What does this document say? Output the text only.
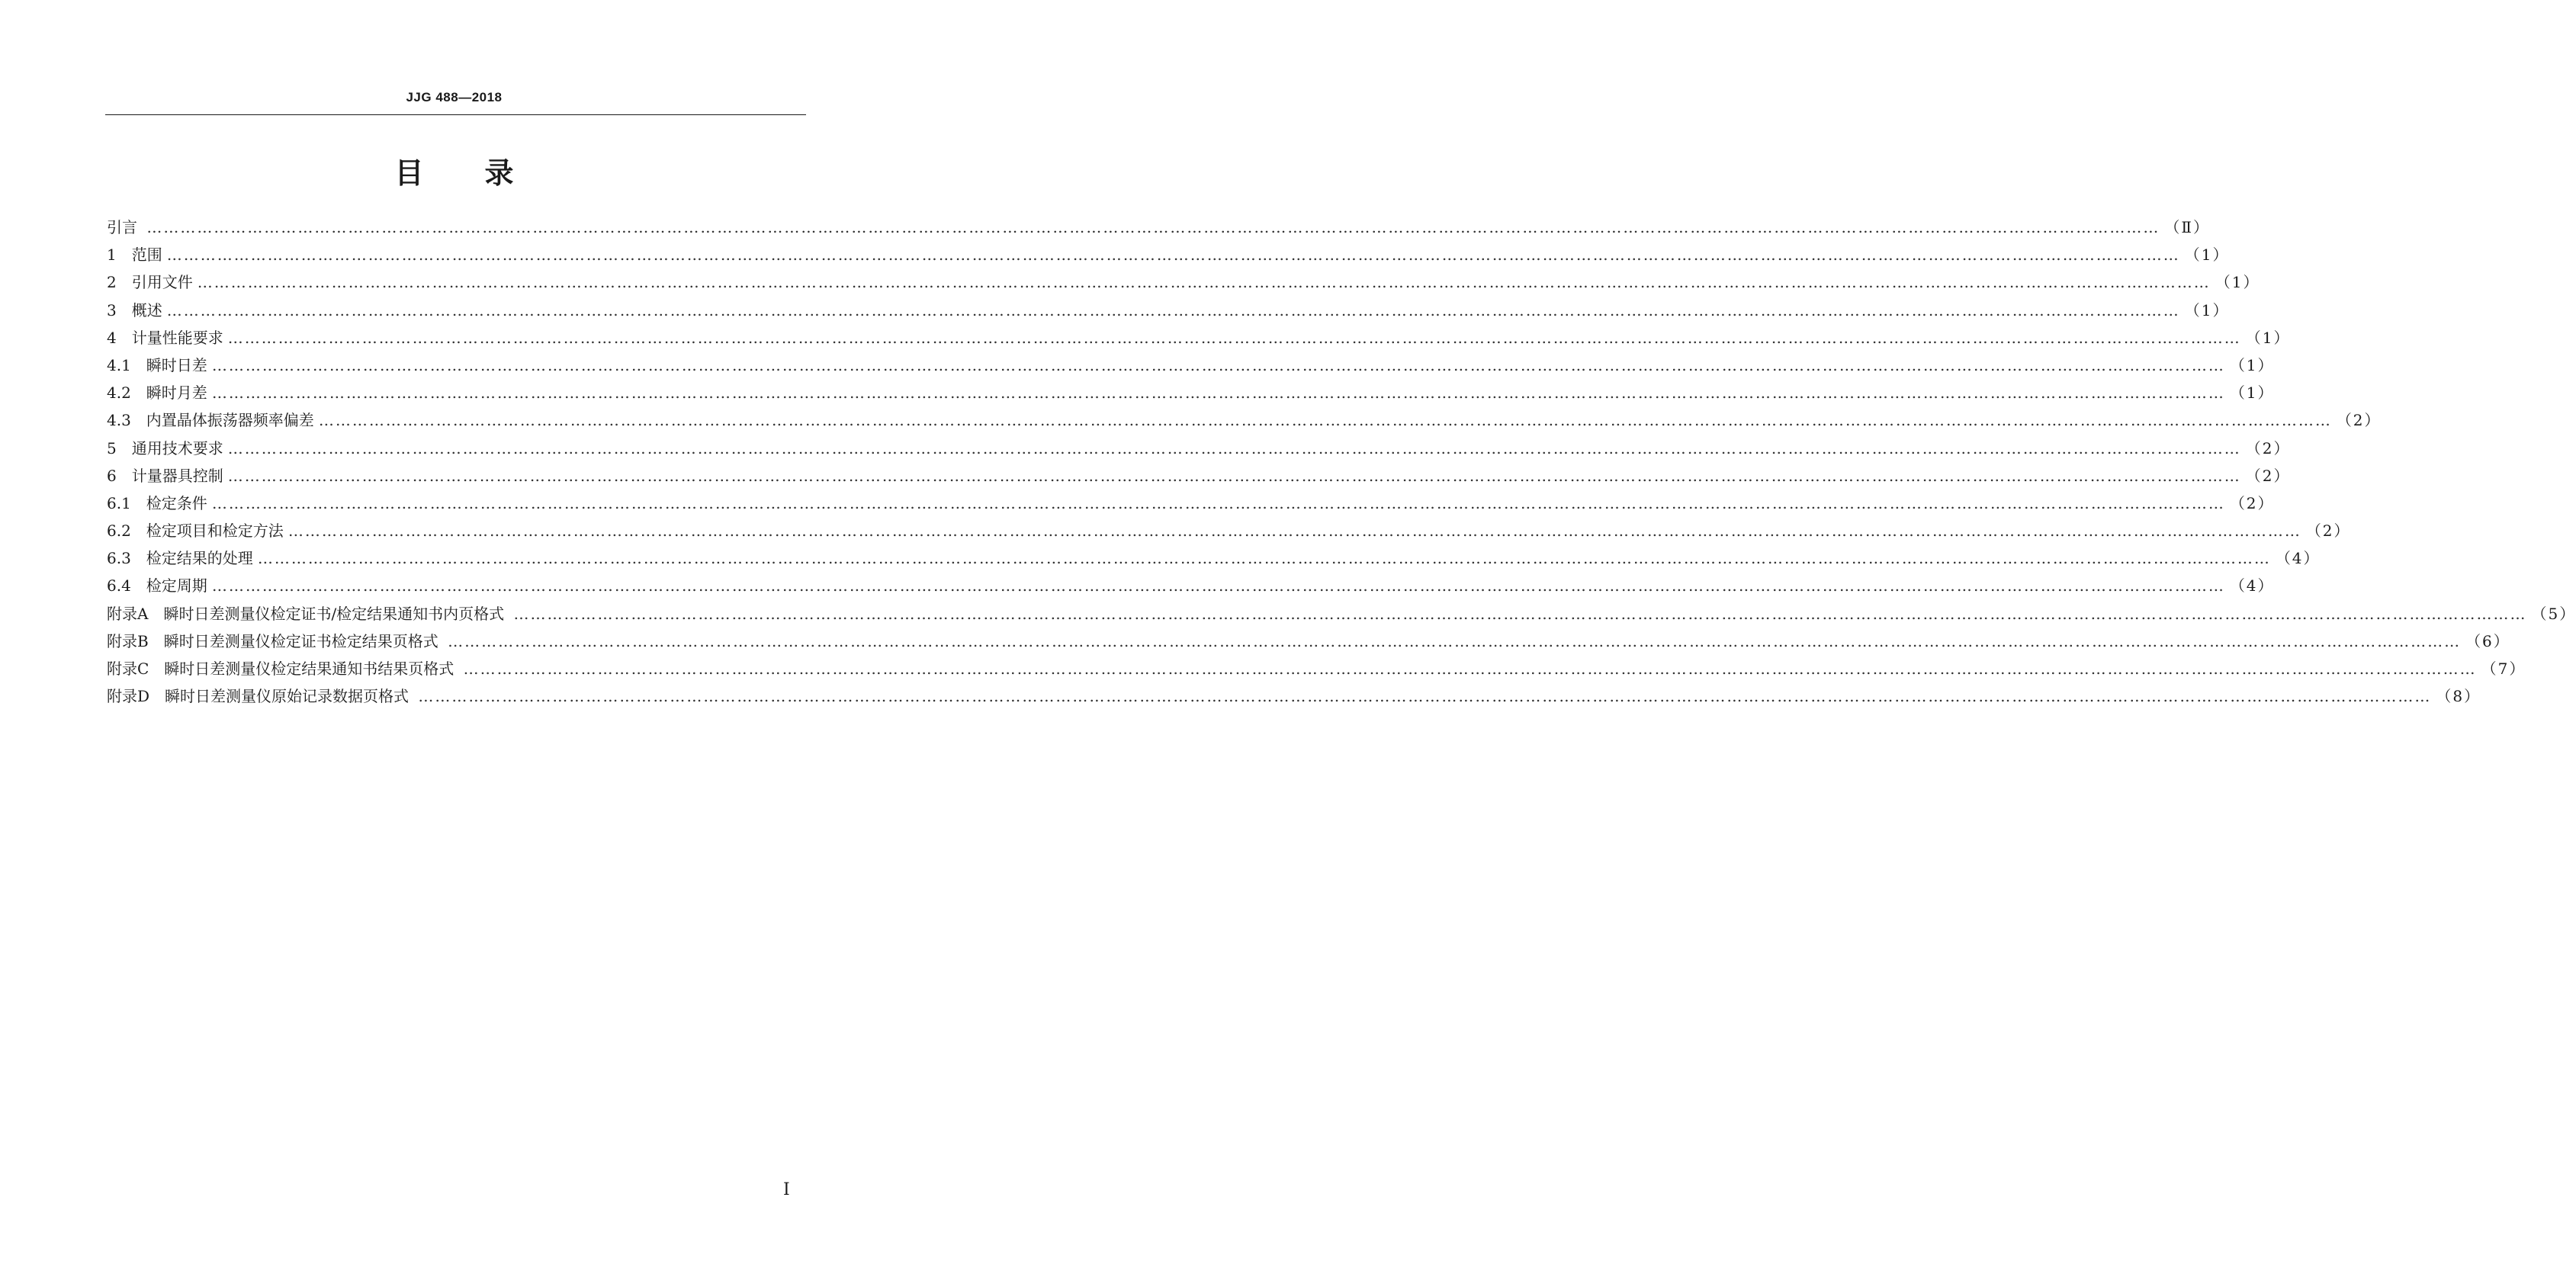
JJG 488—2018
目录
引言 ……………………………………………………………………………………………………………………………………………………………………………………………………………………………………………………………………………………………………………………………… （Ⅱ）
1　范围 ……………………………………………………………………………………………………………………………………………………………………………………………………………………………………………………………………………………………………………………………… （1）
2　引用文件 ……………………………………………………………………………………………………………………………………………………………………………………………………………………………………………………………………………………………………………………………… （1）
3　概述 ……………………………………………………………………………………………………………………………………………………………………………………………………………………………………………………………………………………………………………………………… （1）
4　计量性能要求 ……………………………………………………………………………………………………………………………………………………………………………………………………………………………………………………………………………………………………………………………… （1）
4.1　瞬时日差 ……………………………………………………………………………………………………………………………………………………………………………………………………………………………………………………………………………………………………………………………… （1）
4.2　瞬时月差 ……………………………………………………………………………………………………………………………………………………………………………………………………………………………………………………………………………………………………………………………… （1）
4.3　内置晶体振荡器频率偏差 ……………………………………………………………………………………………………………………………………………………………………………………………………………………………………………………………………………………………………………………………… （2）
5　通用技术要求 ……………………………………………………………………………………………………………………………………………………………………………………………………………………………………………………………………………………………………………………………… （2）
6　计量器具控制 ……………………………………………………………………………………………………………………………………………………………………………………………………………………………………………………………………………………………………………………………… （2）
6.1　检定条件 ……………………………………………………………………………………………………………………………………………………………………………………………………………………………………………………………………………………………………………………………… （2）
6.2　检定项目和检定方法 ……………………………………………………………………………………………………………………………………………………………………………………………………………………………………………………………………………………………………………………………… （2）
6.3　检定结果的处理 ……………………………………………………………………………………………………………………………………………………………………………………………………………………………………………………………………………………………………………………………… （4）
6.4　检定周期 ……………………………………………………………………………………………………………………………………………………………………………………………………………………………………………………………………………………………………………………………… （4）
附录A　瞬时日差测量仪检定证书/检定结果通知书内页格式 ……………………………………………………………………………………………………………………………………………………………………………………………………………………………………………………………………………………………………………………………… （5）
附录B　瞬时日差测量仪检定证书检定结果页格式 ……………………………………………………………………………………………………………………………………………………………………………………………………………………………………………………………………………………………………………………………… （6）
附录C　瞬时日差测量仪检定结果通知书结果页格式 ……………………………………………………………………………………………………………………………………………………………………………………………………………………………………………………………………………………………………………………………… （7）
附录D　瞬时日差测量仪原始记录数据页格式 ……………………………………………………………………………………………………………………………………………………………………………………………………………………………………………………………………………………………………………………………… （8）
Ⅰ
